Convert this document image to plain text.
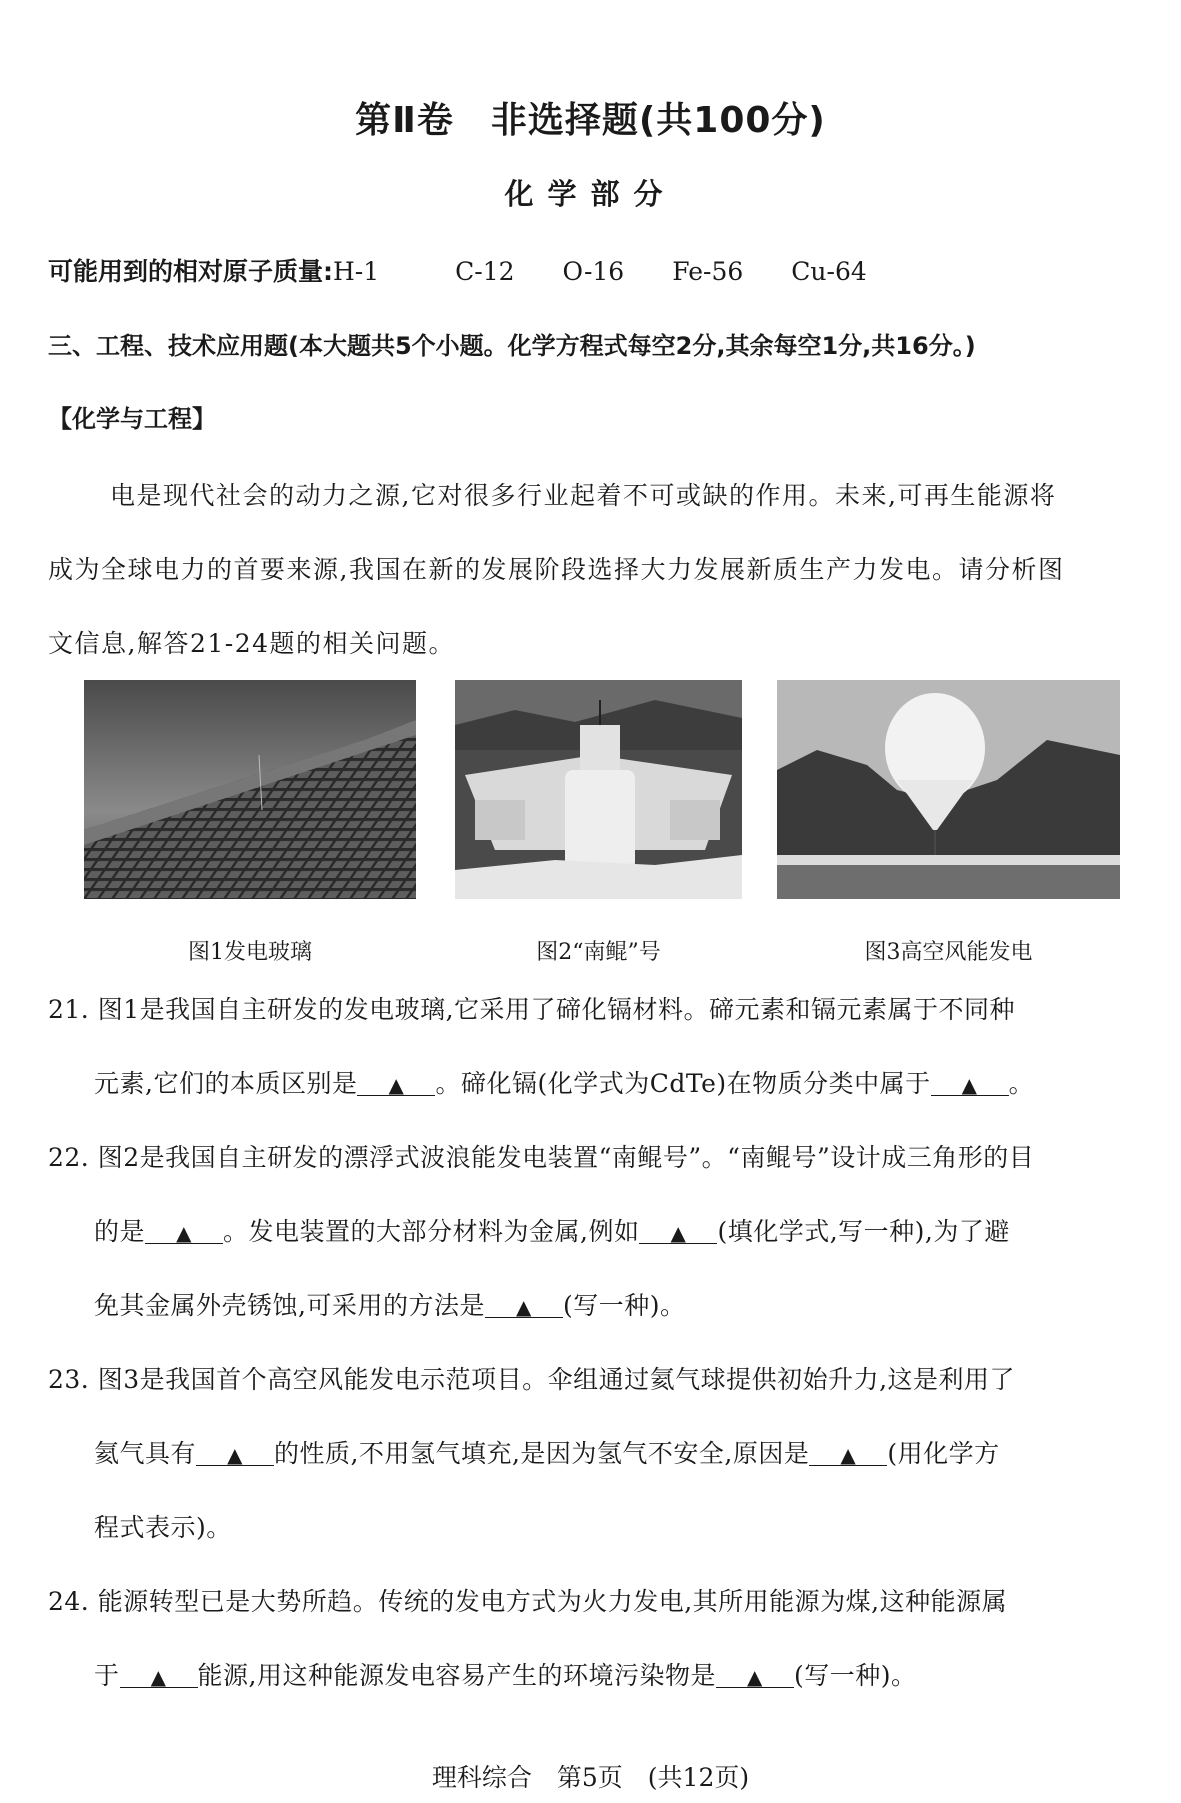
第Ⅱ卷　非选择题(共100分)
化学部分
可能用到的相对原子质量:H-1	C-12 O-16 Fe-56 Cu-64
三、工程、技术应用题(本大题共5个小题。化学方程式每空2分,其余每空1分,共16分。)
【化学与工程】
电是现代社会的动力之源,它对很多行业起着不可或缺的作用。未来,可再生能源将
成为全球电力的首要来源,我国在新的发展阶段选择大力发展新质生产力发电。请分析图
文信息,解答21-24题的相关问题。
图1发电玻璃	图2“南鲲”号	图3高空风能发电
21. 图1是我国自主研发的发电玻璃,它采用了碲化镉材料。碲元素和镉元素属于不同种
元素,它们的本质区别是 ▲ 。碲化镉(化学式为CdTe)在物质分类中属于 ▲ 。
22. 图2是我国自主研发的漂浮式波浪能发电装置“南鲲号”。“南鲲号”设计成三角形的目
的是 ▲ 。发电装置的大部分材料为金属,例如 ▲ (填化学式,写一种),为了避
免其金属外壳锈蚀,可采用的方法是 ▲ (写一种)。
23. 图3是我国首个高空风能发电示范项目。伞组通过氦气球提供初始升力,这是利用了
氦气具有 ▲ 的性质,不用氢气填充,是因为氢气不安全,原因是 ▲ (用化学方
程式表示)。
24. 能源转型已是大势所趋。传统的发电方式为火力发电,其所用能源为煤,这种能源属
于 ▲ 能源,用这种能源发电容易产生的环境污染物是 ▲ (写一种)。
理科综合　第5页　(共12页)
